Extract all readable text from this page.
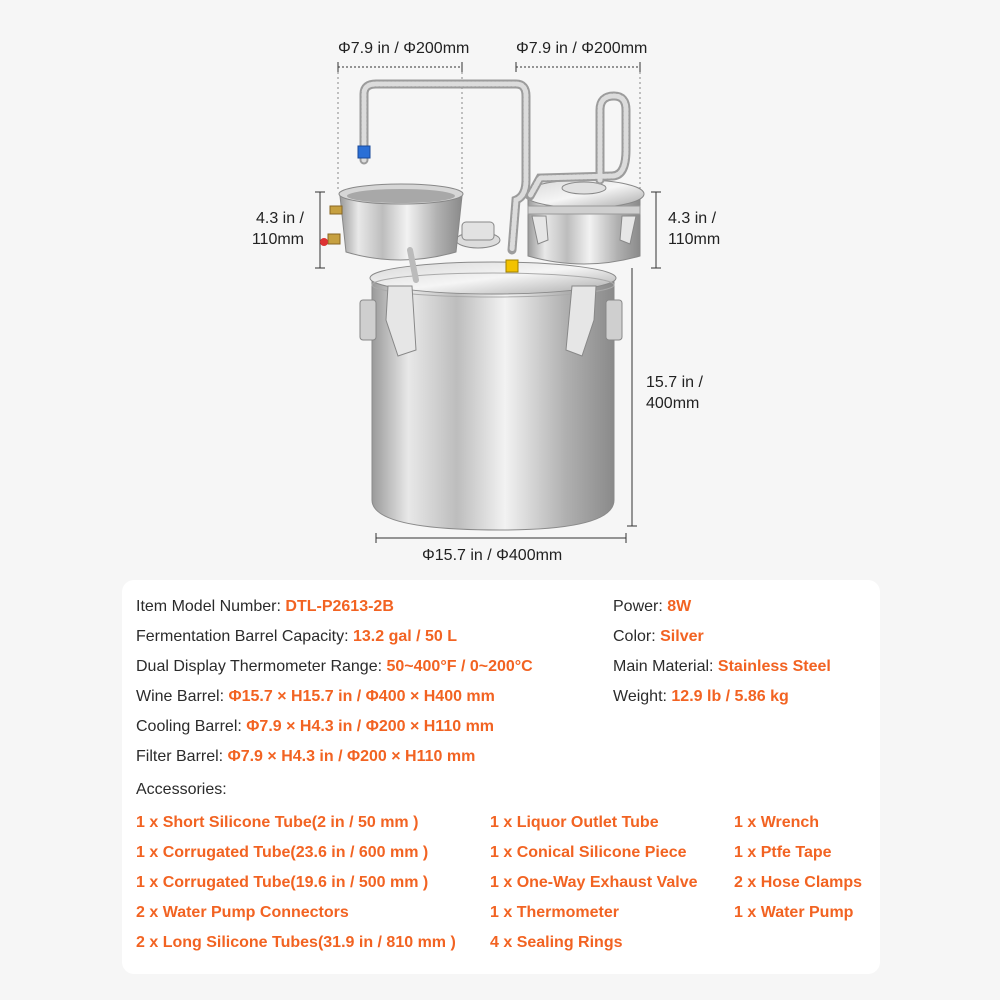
Φ7.9 in / Φ200mm	Φ7.9 in / Φ200mm
4.3 in /
110mm
4.3 in /
110mm
15.7 in /
400mm
Φ15.7 in / Φ400mm
Item Model Number: DTL-P2613-2B
Fermentation Barrel Capacity: 13.2 gal / 50 L
Dual Display Thermometer Range: 50~400°F / 0~200°C
Wine Barrel: Φ15.7 × H15.7 in / Φ400 × H400 mm
Cooling Barrel: Φ7.9 × H4.3 in / Φ200 × H110 mm
Filter Barrel: Φ7.9 × H4.3 in / Φ200 × H110 mm
Power: 8W
Color: Silver
Main Material: Stainless Steel
Weight: 12.9 lb / 5.86 kg
Accessories:
1 x Short Silicone Tube(2 in / 50 mm )
1 x Corrugated Tube(23.6 in / 600 mm )
1 x Corrugated Tube(19.6 in / 500 mm )
2 x Water Pump Connectors
2 x Long Silicone Tubes(31.9 in / 810 mm )
1 x Liquor Outlet Tube
1 x Conical Silicone Piece
1 x One-Way Exhaust Valve
1 x Thermometer
4 x Sealing Rings
1 x Wrench
1 x Ptfe Tape
2 x Hose Clamps
1 x Water Pump
